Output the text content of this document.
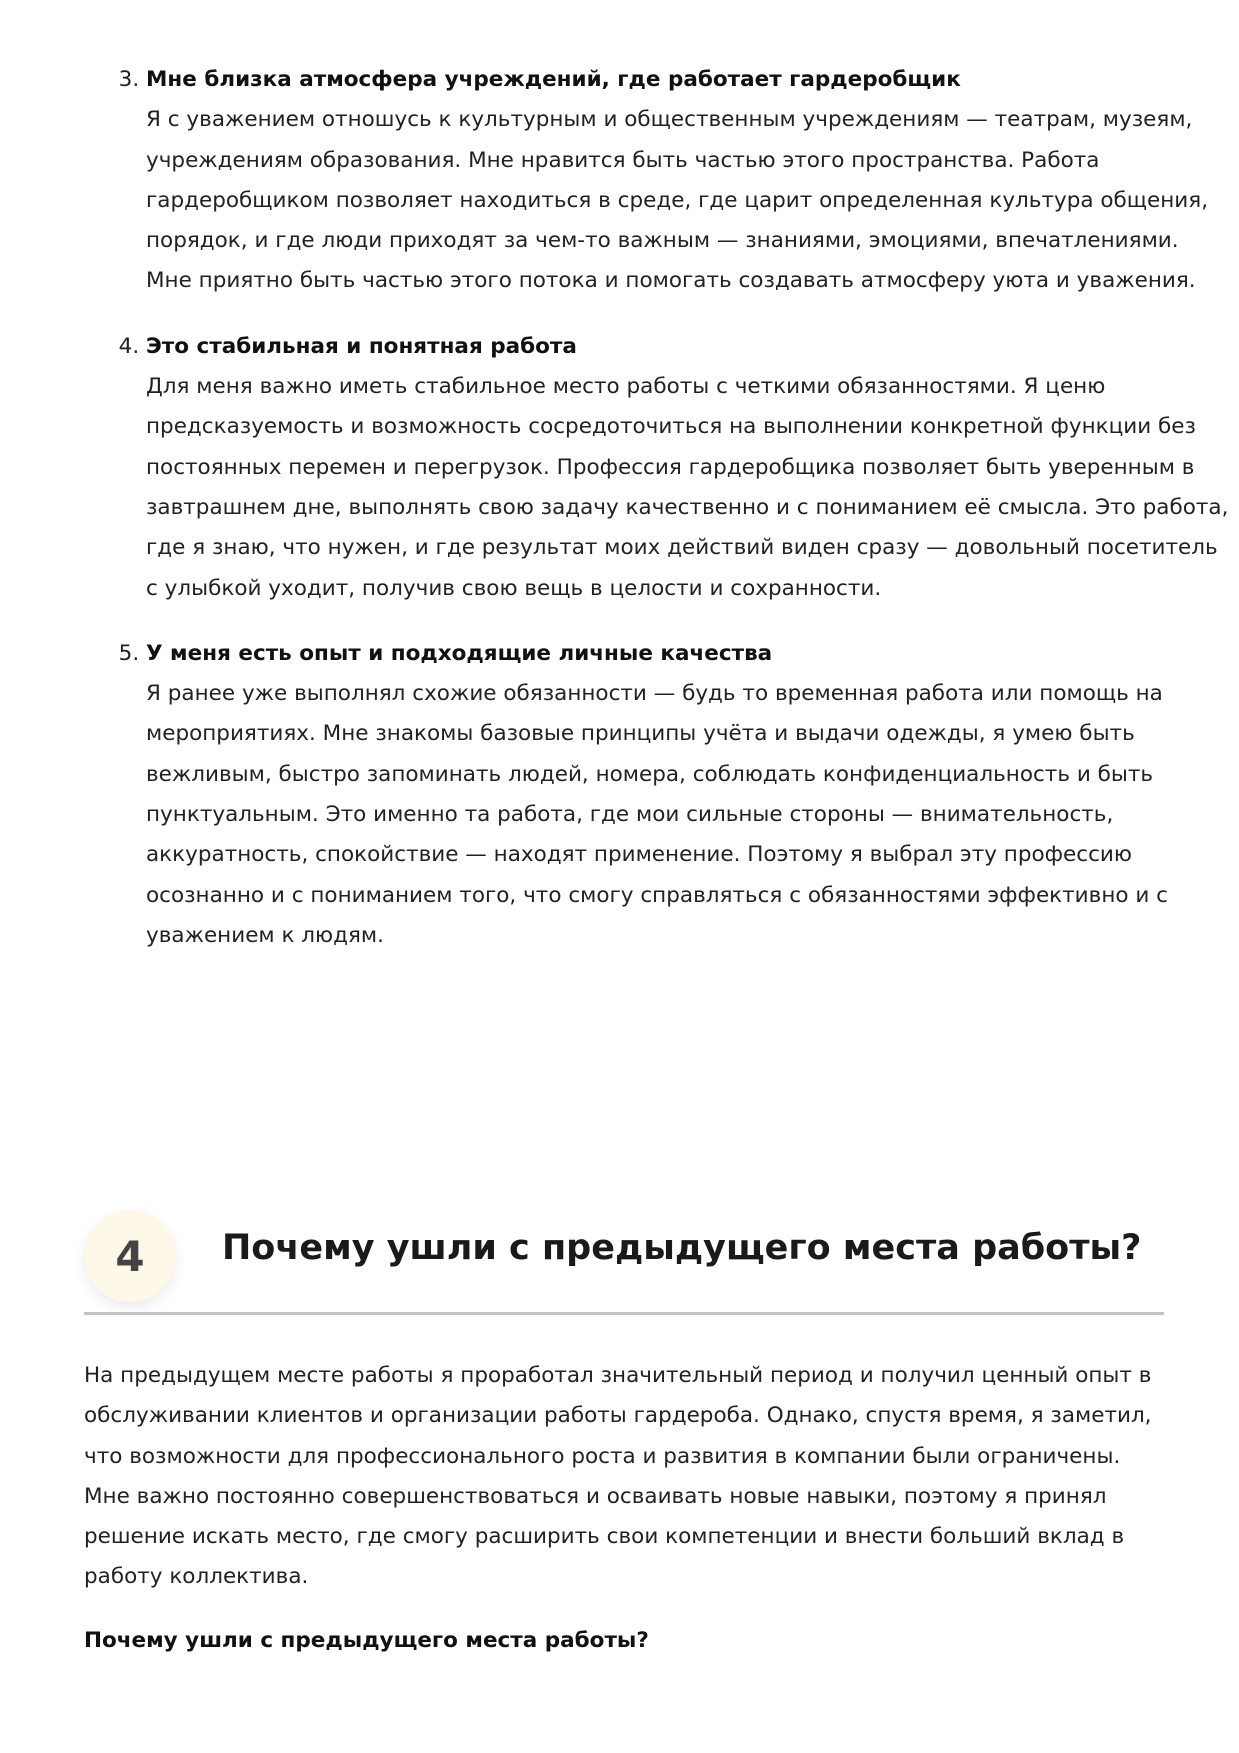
3. Мне близка атмосфера учреждений, где работает гардеробщик
Я с уважением отношусь к культурным и общественным учреждениям — театрам, музеям, учреждениям образования. Мне нравится быть частью этого пространства. Работа гардеробщиком позволяет находиться в среде, где царит определенная культура общения, порядок, и где люди приходят за чем-то важным — знаниями, эмоциями, впечатлениями. Мне приятно быть частью этого потока и помогать создавать атмосферу уюта и уважения.
4. Это стабильная и понятная работа
Для меня важно иметь стабильное место работы с четкими обязанностями. Я ценю предсказуемость и возможность сосредоточиться на выполнении конкретной функции без постоянных перемен и перегрузок. Профессия гардеробщика позволяет быть уверенным в завтрашнем дне, выполнять свою задачу качественно и с пониманием её смысла. Это работа, где я знаю, что нужен, и где результат моих действий виден сразу — довольный посетитель с улыбкой уходит, получив свою вещь в целости и сохранности.
5. У меня есть опыт и подходящие личные качества
Я ранее уже выполнял схожие обязанности — будь то временная работа или помощь на мероприятиях. Мне знакомы базовые принципы учёта и выдачи одежды, я умею быть вежливым, быстро запоминать людей, номера, соблюдать конфиденциальность и быть пунктуальным. Это именно та работа, где мои сильные стороны — внимательность, аккуратность, спокойствие — находят применение. Поэтому я выбрал эту профессию осознанно и с пониманием того, что смогу справляться с обязанностями эффективно и с уважением к людям.
4	Почему ушли с предыдущего места работы?

На предыдущем месте работы я проработал значительный период и получил ценный опыт в обслуживании клиентов и организации работы гардероба. Однако, спустя время, я заметил, что возможности для профессионального роста и развития в компании были ограничены. Мне важно постоянно совершенствоваться и осваивать новые навыки, поэтому я принял решение искать место, где смогу расширить свои компетенции и внести больший вклад в работу коллектива.

Почему ушли с предыдущего места работы?
